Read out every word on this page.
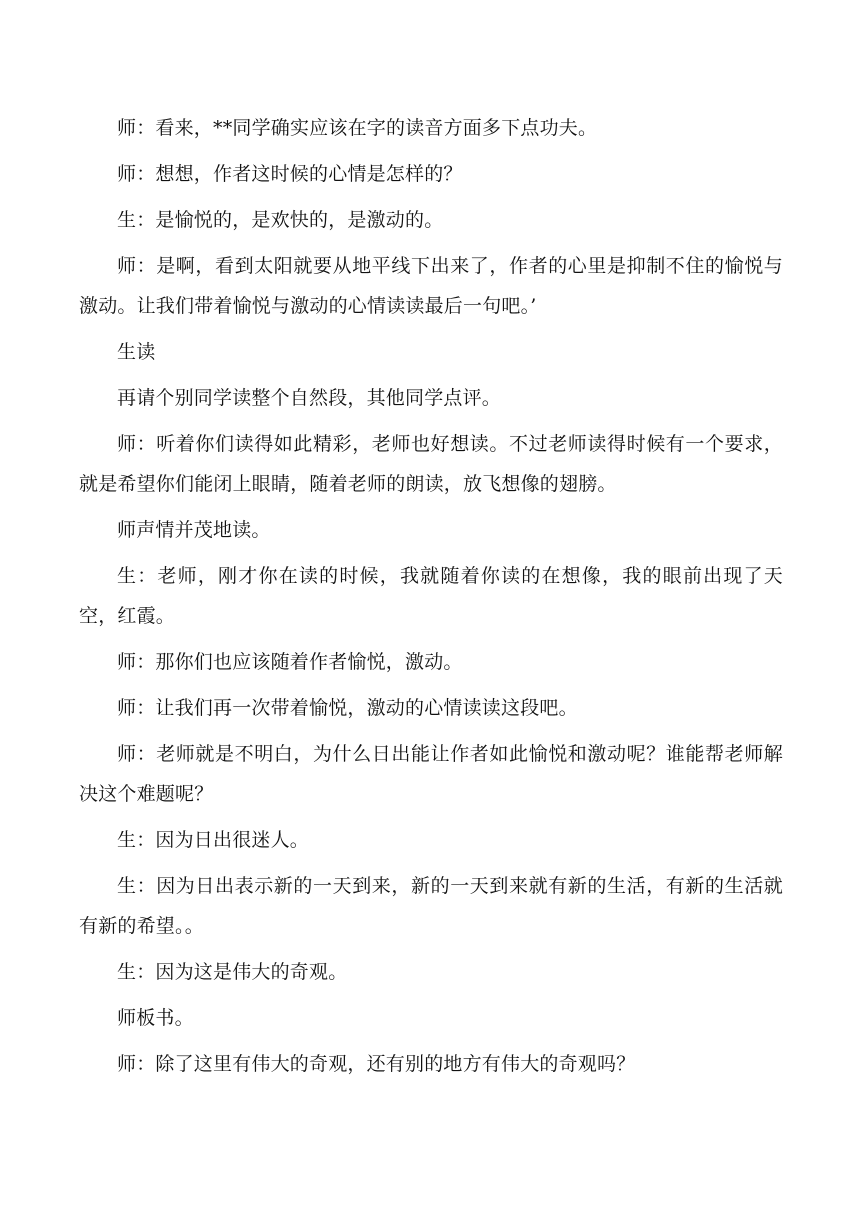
师：看来，**同学确实应该在字的读音方面多下点功夫。

师：想想，作者这时候的心情是怎样的？

生：是愉悦的，是欢快的，是激动的。

师：是啊，看到太阳就要从地平线下出来了，作者的心里是抑制不住的愉悦与激动。让我们带着愉悦与激动的心情读读最后一句吧。’

生读

再请个别同学读整个自然段，其他同学点评。

师：听着你们读得如此精彩，老师也好想读。不过老师读得时候有一个要求，就是希望你们能闭上眼睛，随着老师的朗读，放飞想像的翅膀。

师声情并茂地读。

生：老师，刚才你在读的时候，我就随着你读的在想像，我的眼前出现了天空，红霞。

师：那你们也应该随着作者愉悦，激动。

师：让我们再一次带着愉悦，激动的心情读读这段吧。

师：老师就是不明白，为什么日出能让作者如此愉悦和激动呢？谁能帮老师解决这个难题呢？

生：因为日出很迷人。

生：因为日出表示新的一天到来，新的一天到来就有新的生活，有新的生活就有新的希望。。

生：因为这是伟大的奇观。

师板书。

师：除了这里有伟大的奇观，还有别的地方有伟大的奇观吗？
